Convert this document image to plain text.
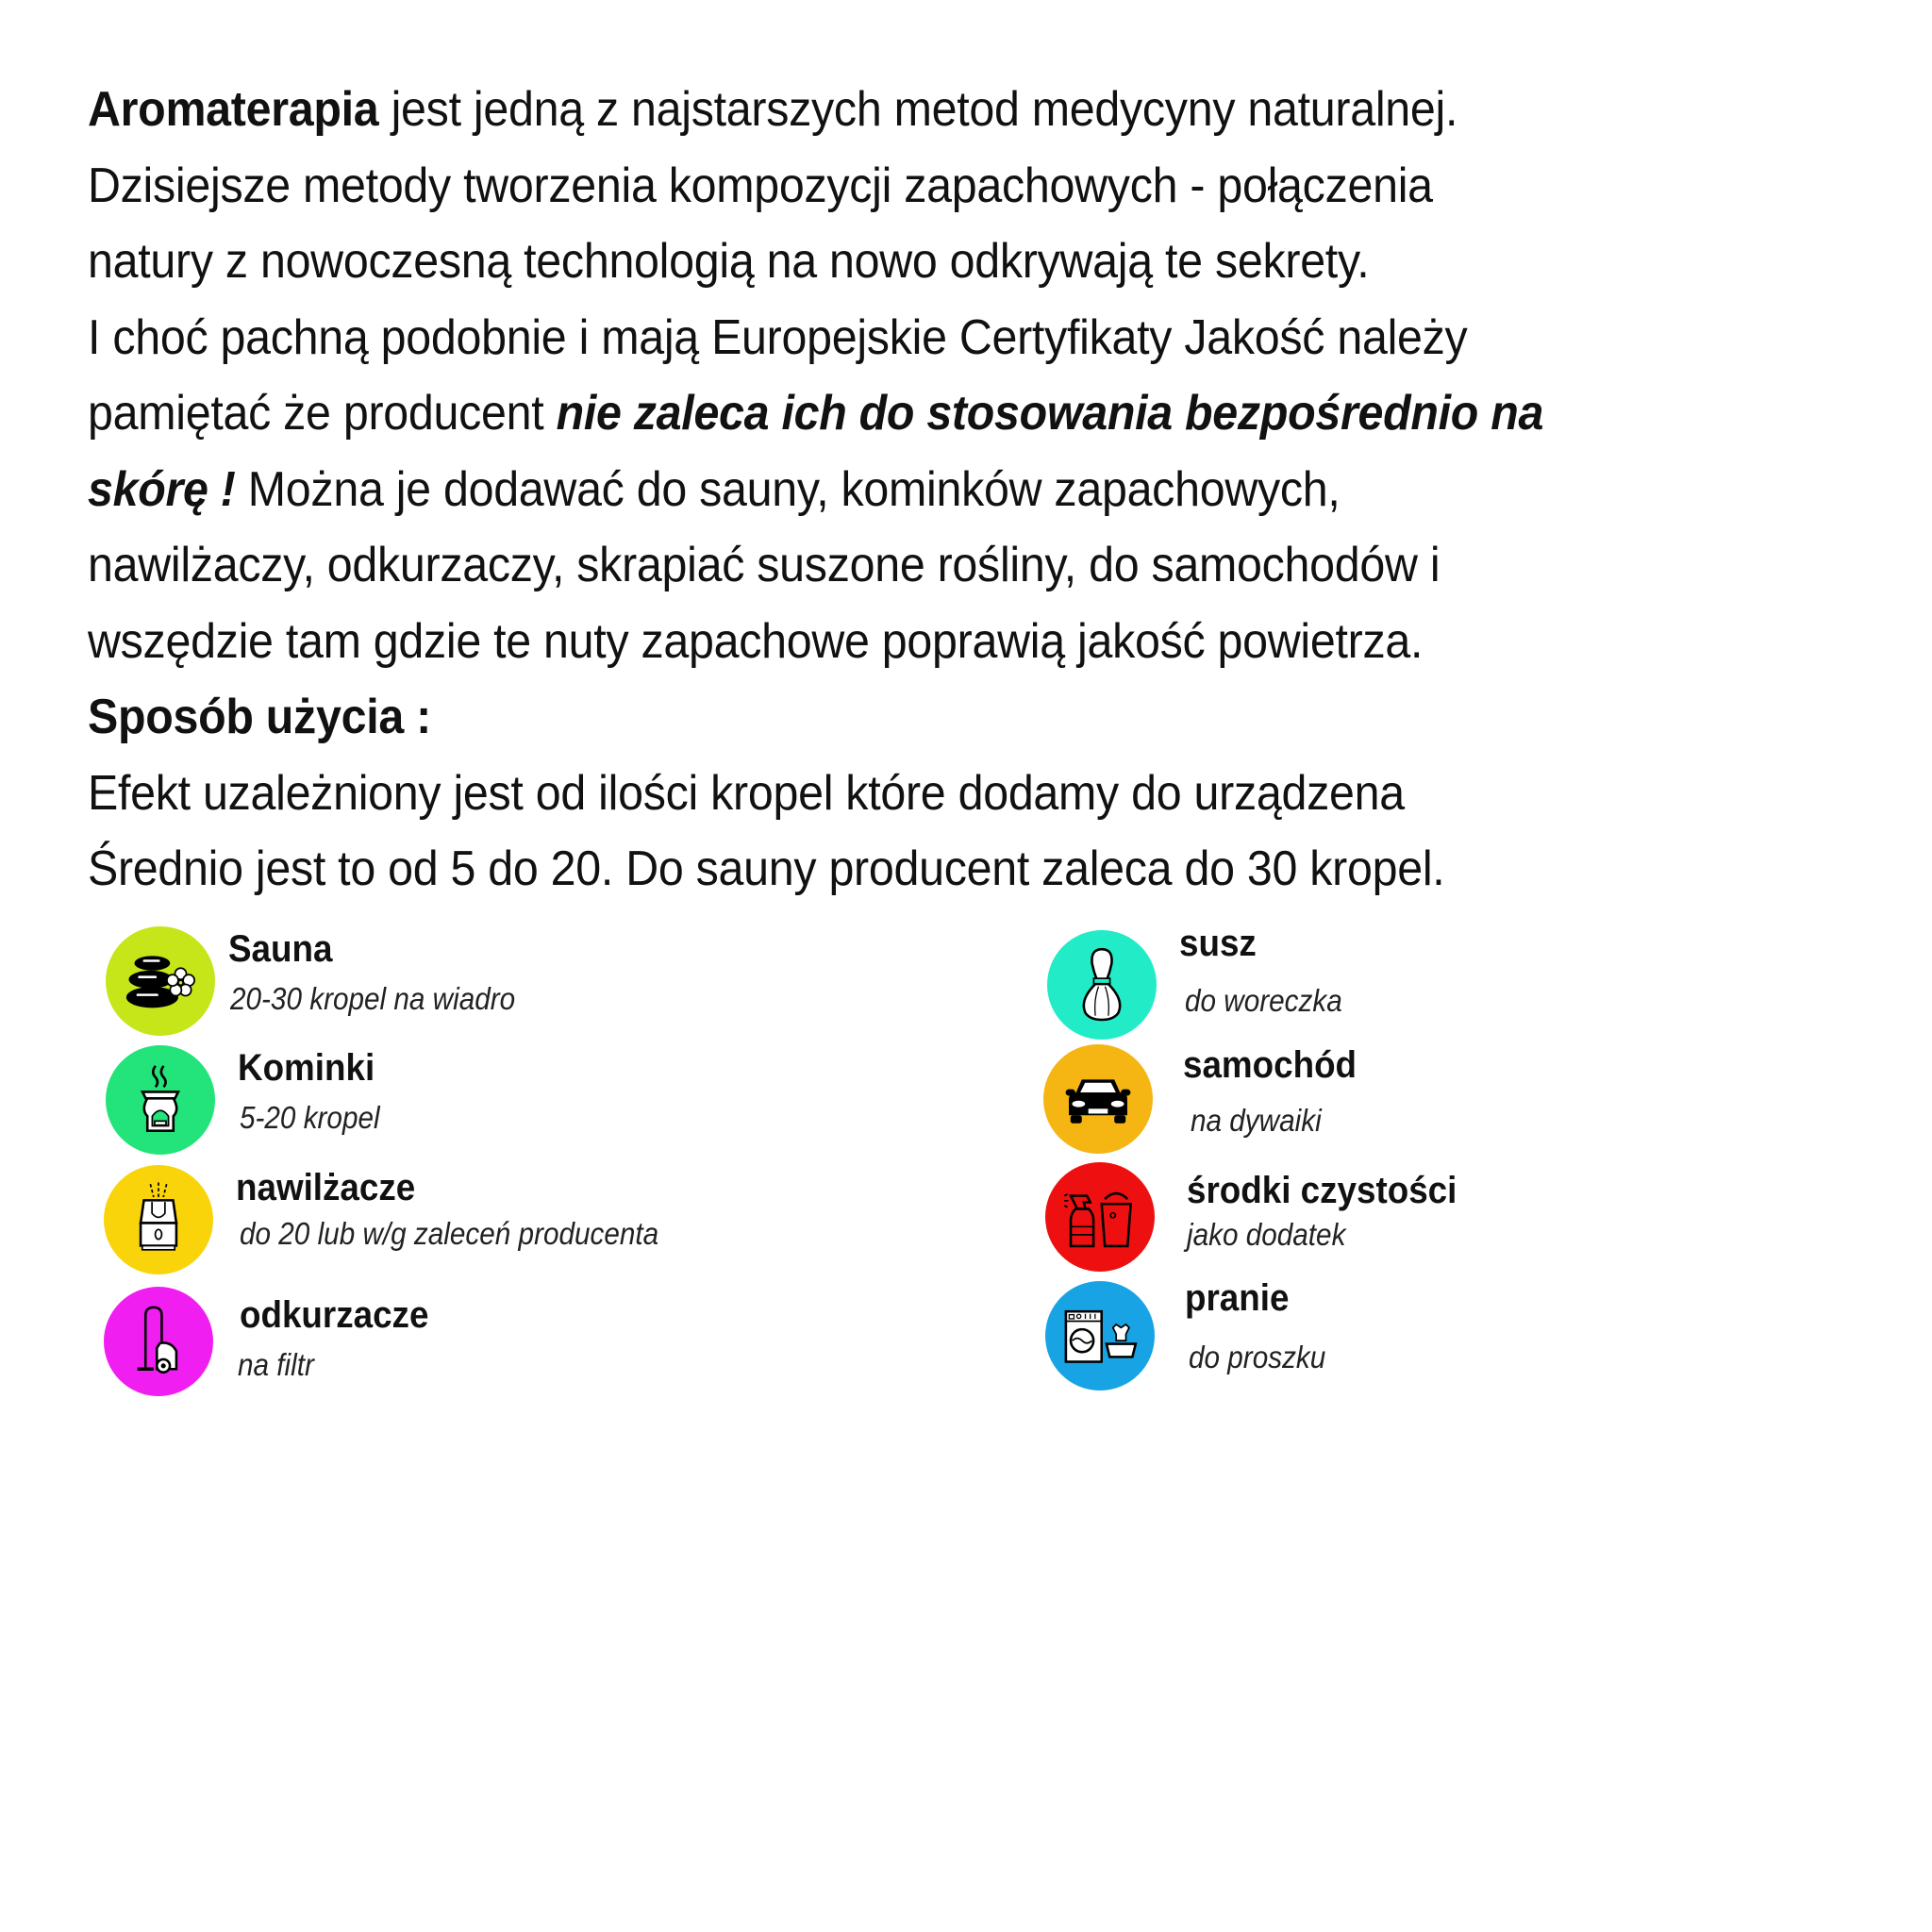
Aromaterapia jest jedną z najstarszych metod medycyny naturalnej.
Dzisiejsze metody tworzenia kompozycji zapachowych - połączenia
natury z nowoczesną technologią na nowo odkrywają te sekrety.
I choć pachną podobnie i mają Europejskie Certyfikaty Jakość należy
pamiętać że producent nie zaleca ich do stosowania bezpośrednio na
skórę ! Można je dodawać do sauny, kominków zapachowych,
nawilżaczy, odkurzaczy, skrapiać suszone rośliny, do samochodów i
wszędzie tam gdzie te nuty zapachowe poprawią jakość powietrza.
Sposób użycia :
Efekt uzależniony jest od ilości kropel które dodamy do urządzena
Średnio jest to od 5 do 20. Do sauny producent zaleca do 30 kropel.
Sauna
20-30 kropel na wiadro
Kominki
5-20 kropel
nawilżacze
do 20 lub w/g zaleceń producenta
odkurzacze
na filtr
susz
do woreczka
samochód
na dywaiki
środki czystości
jako dodatek
pranie
do proszku
